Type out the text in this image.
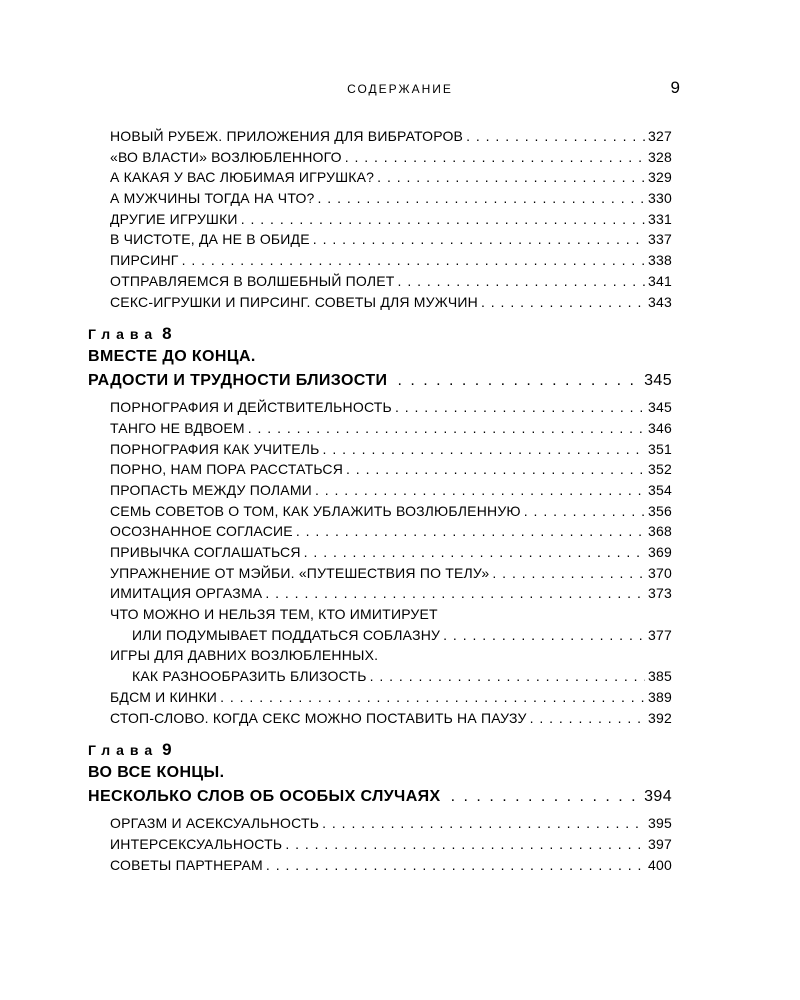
СОДЕРЖАНИЕ	9
НОВЫЙ РУБЕЖ. ПРИЛОЖЕНИЯ ДЛЯ ВИБРАТОРОВ . . .	327
«ВО ВЛАСТИ» ВОЗЛЮБЛЕННОГО . . .	328
А КАКАЯ У ВАС ЛЮБИМАЯ ИГРУШКА? . . .	329
А МУЖЧИНЫ ТОГДА НА ЧТО? . . .	330
ДРУГИЕ ИГРУШКИ . . .	331
В ЧИСТОТЕ, ДА НЕ В ОБИДЕ . . .	337
ПИРСИНГ . . .	338
ОТПРАВЛЯЕМСЯ В ВОЛШЕБНЫЙ ПОЛЕТ . . .	341
СЕКС-ИГРУШКИ И ПИРСИНГ. СОВЕТЫ ДЛЯ МУЖЧИН . . .	343
Глава 8
ВМЕСТЕ ДО КОНЦА.
РАДОСТИ И ТРУДНОСТИ БЛИЗОСТИ . . .	345
ПОРНОГРАФИЯ И ДЕЙСТВИТЕЛЬНОСТЬ . . .	345
ТАНГО НЕ ВДВОЕМ . . .	346
ПОРНОГРАФИЯ КАК УЧИТЕЛЬ . . .	351
ПОРНО, НАМ ПОРА РАССТАТЬСЯ . . .	352
ПРОПАСТЬ МЕЖДУ ПОЛАМИ . . .	354
СЕМЬ СОВЕТОВ О ТОМ, КАК УБЛАЖИТЬ ВОЗЛЮБЛЕННУЮ . . .	356
ОСОЗНАННОЕ СОГЛАСИЕ . . .	368
ПРИВЫЧКА СОГЛАШАТЬСЯ . . .	369
УПРАЖНЕНИЕ ОТ МЭЙБИ. «ПУТЕШЕСТВИЯ ПО ТЕЛУ» . . .	370
ИМИТАЦИЯ ОРГАЗМА . . .	373
ЧТО МОЖНО И НЕЛЬЗЯ ТЕМ, КТО ИМИТИРУЕТ
ИЛИ ПОДУМЫВАЕТ ПОДДАТЬСЯ СОБЛАЗНУ . . .	377
ИГРЫ ДЛЯ ДАВНИХ ВОЗЛЮБЛЕННЫХ.
КАК РАЗНООБРАЗИТЬ БЛИЗОСТЬ . . .	385
БДСМ И КИНКИ . . .	389
СТОП-СЛОВО. КОГДА СЕКС МОЖНО ПОСТАВИТЬ НА ПАУЗУ . . .	392
Глава 9
ВО ВСЕ КОНЦЫ.
НЕСКОЛЬКО СЛОВ ОБ ОСОБЫХ СЛУЧАЯХ . . .	394
ОРГАЗМ И АСЕКСУАЛЬНОСТЬ . . .	395
ИНТЕРСЕКСУАЛЬНОСТЬ . . .	397
СОВЕТЫ ПАРТНЕРАМ . . .	400
